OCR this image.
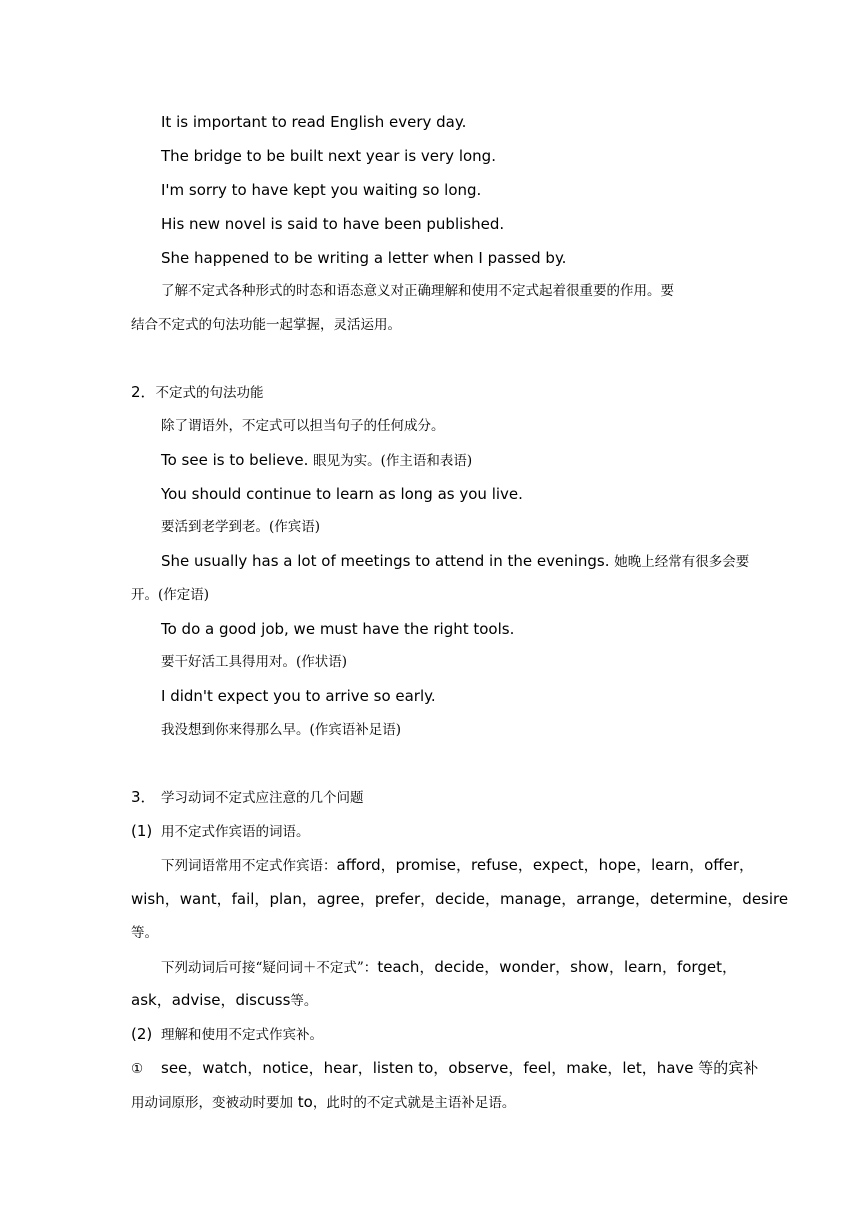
It is important to read English every day.
The bridge to be built next year is very long.
I'm sorry to have kept you waiting so long.
His new novel is said to have been published.
She happened to be writing a letter when I passed by.
了解不定式各种形式的时态和语态意义对正确理解和使用不定式起着很重要的作用。要
结合不定式的句法功能一起掌握，灵活运用。
2．不定式的句法功能
除了谓语外，不定式可以担当句子的任何成分。
To see is to believe. 眼见为实。(作主语和表语)
You should continue to learn as long as you live.
要活到老学到老。(作宾语)
She usually has a lot of meetings to attend in the evenings. 她晚上经常有很多会要
开。(作定语)
To do a good job, we must have the right tools.
要干好活工具得用对。(作状语)
I didn't expect you to arrive so early.
我没想到你来得那么早。(作宾语补足语)
3． 学习动词不定式应注意的几个问题
(1) 用不定式作宾语的词语。
下列词语常用不定式作宾语：afford， promise， refuse， expect， hope， learn， offer，
wish， want， fail， plan， agree， prefer， decide， manage， arrange， determine， desire
等。
下列动词后可接“疑问词＋不定式”：teach， decide， wonder， show， learn， forget，
ask，advise，discuss等。
(2) 理解和使用不定式作宾补。
① see， watch， notice， hear， listen to， observe， feel， make， let， have 等的宾补
用动词原形，变被动时要加 to，此时的不定式就是主语补足语。
